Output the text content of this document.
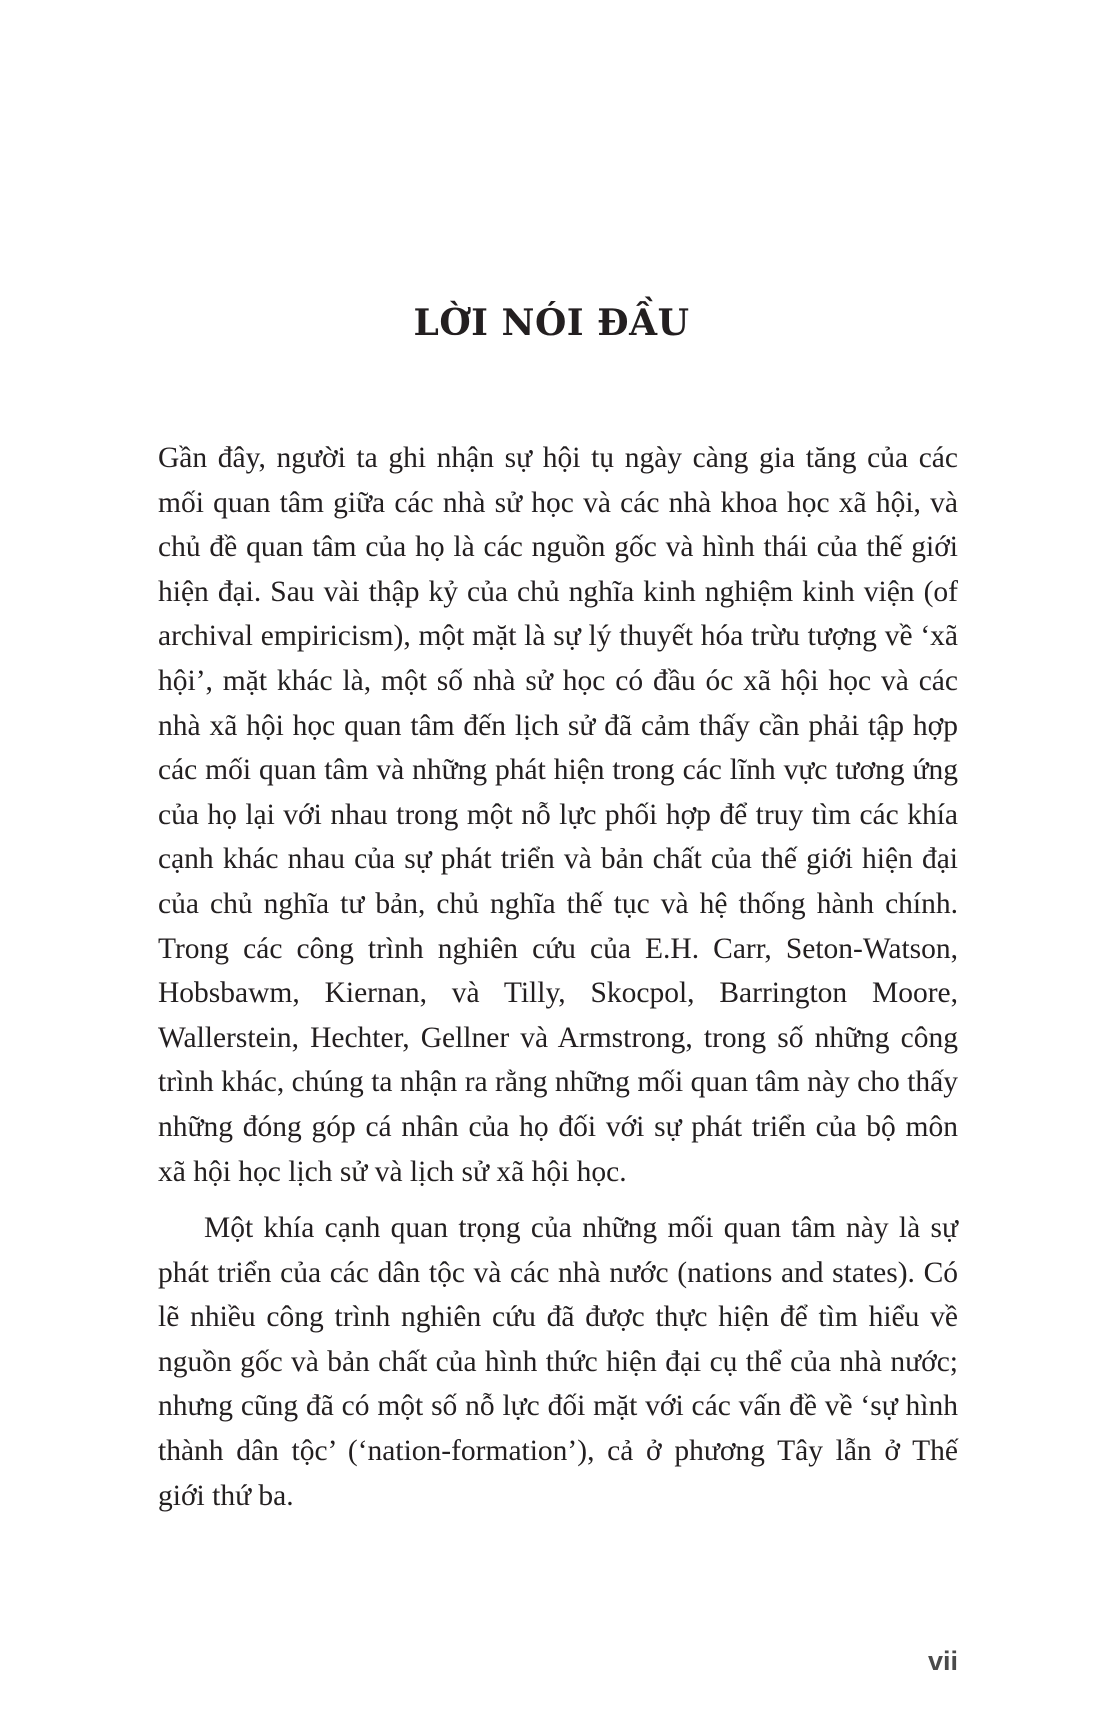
LỜI NÓI ĐẦU

Gần đây, người ta ghi nhận sự hội tụ ngày càng gia tăng của các mối quan tâm giữa các nhà sử học và các nhà khoa học xã hội, và chủ đề quan tâm của họ là các nguồn gốc và hình thái của thế giới hiện đại. Sau vài thập kỷ của chủ nghĩa kinh nghiệm kinh viện (of archival empiricism), một mặt là sự lý thuyết hóa trừu tượng về ‘xã hội’, mặt khác là, một số nhà sử học có đầu óc xã hội học và các nhà xã hội học quan tâm đến lịch sử đã cảm thấy cần phải tập hợp các mối quan tâm và những phát hiện trong các lĩnh vực tương ứng của họ lại với nhau trong một nỗ lực phối hợp để truy tìm các khía cạnh khác nhau của sự phát triển và bản chất của thế giới hiện đại của chủ nghĩa tư bản, chủ nghĩa thế tục và hệ thống hành chính. Trong các công trình nghiên cứu của E.H. Carr, Seton-Watson, Hobsbawm, Kiernan, và Tilly, Skocpol, Barrington Moore, Wallerstein, Hechter, Gellner và Armstrong, trong số những công trình khác, chúng ta nhận ra rằng những mối quan tâm này cho thấy những đóng góp cá nhân của họ đối với sự phát triển của bộ môn xã hội học lịch sử và lịch sử xã hội học.

Một khía cạnh quan trọng của những mối quan tâm này là sự phát triển của các dân tộc và các nhà nước (nations and states). Có lẽ nhiều công trình nghiên cứu đã được thực hiện để tìm hiểu về nguồn gốc và bản chất của hình thức hiện đại cụ thể của nhà nước; nhưng cũng đã có một số nỗ lực đối mặt với các vấn đề về ‘sự hình thành dân tộc’ (‘nation-formation’), cả ở phương Tây lẫn ở Thế giới thứ ba.

vii
